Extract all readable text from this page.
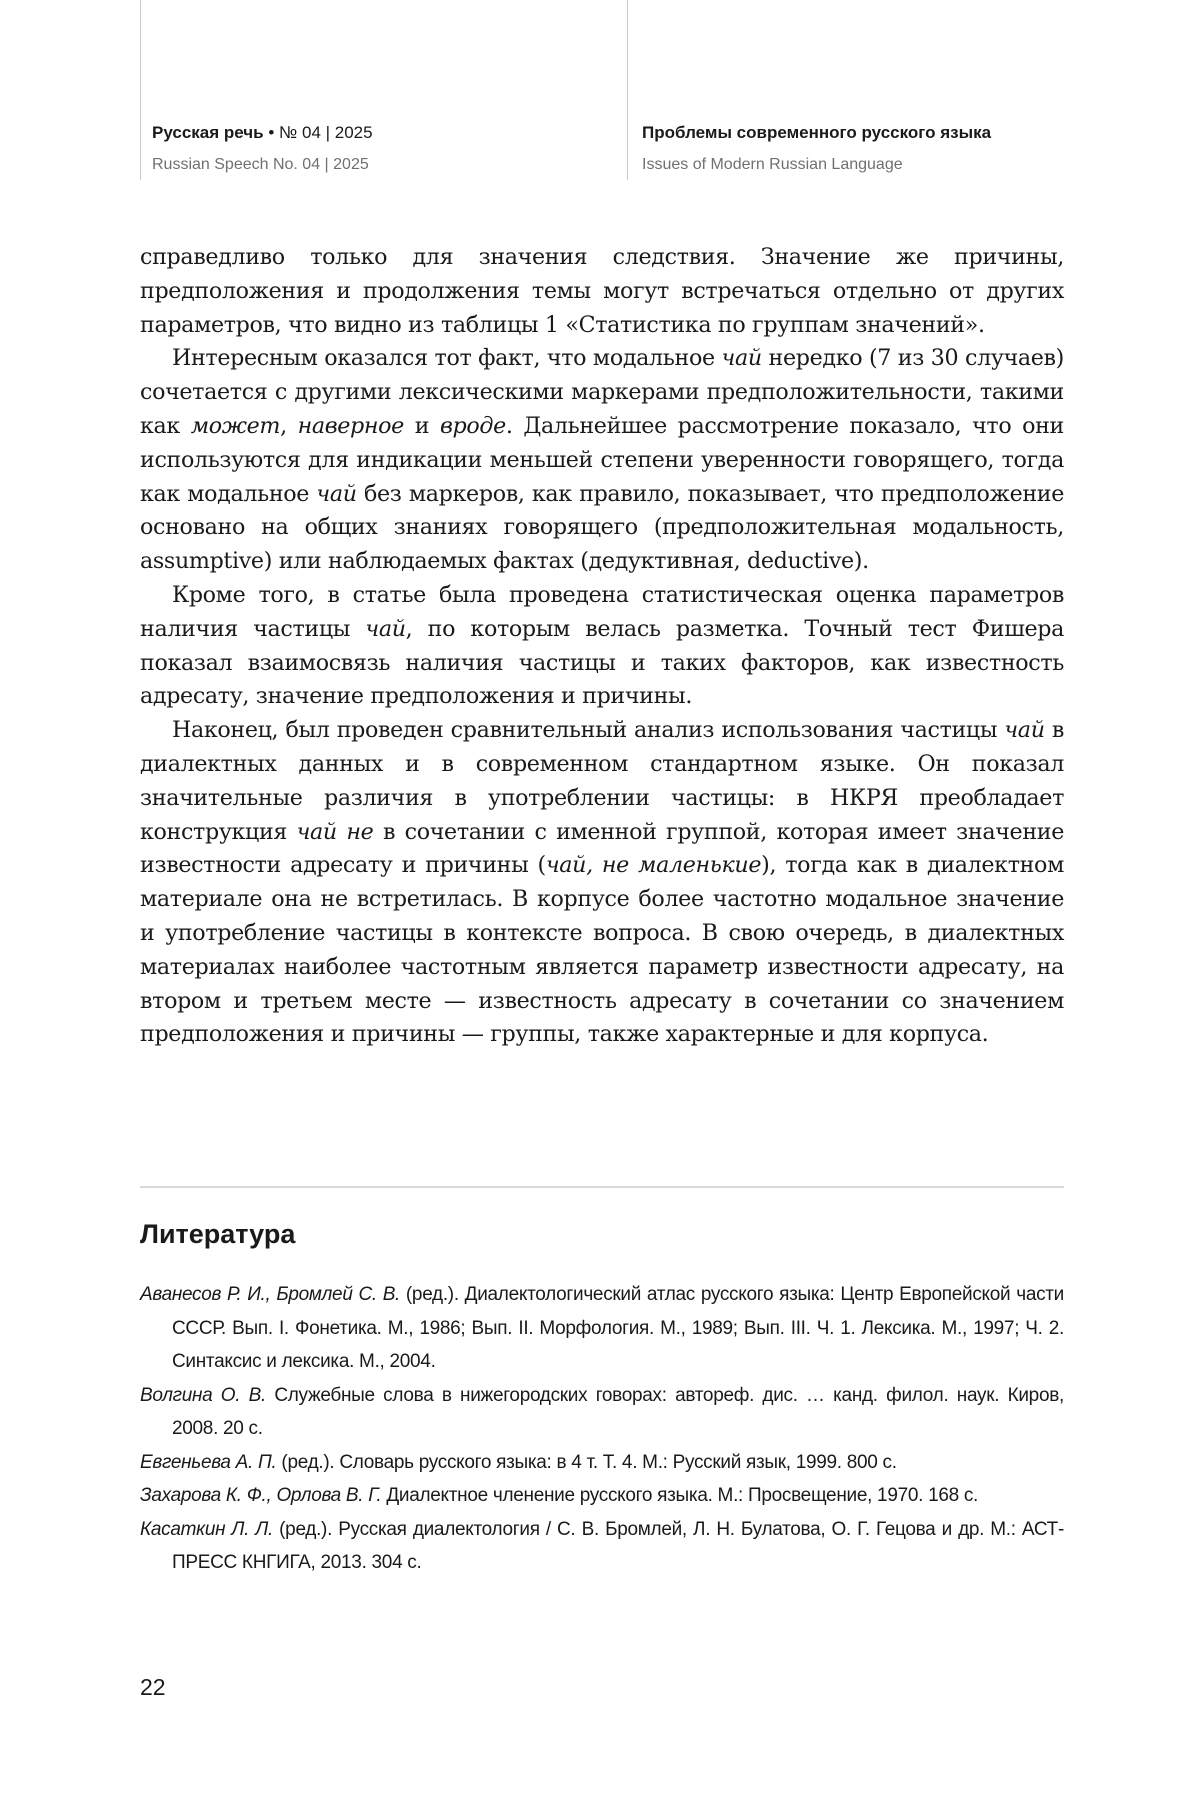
Русская речь • № 04 | 2025
Russian Speech No. 04 | 2025
Проблемы современного русского языка
Issues of Modern Russian Language

справедливо только для значения следствия. Значение же причины, предположения и продолжения темы могут встречаться отдельно от других параметров, что видно из таблицы 1 «Статистика по группам значений».

Интересным оказался тот факт, что модальное чай нередко (7 из 30 случаев) сочетается с другими лексическими маркерами предположительности, такими как может, наверное и вроде. Дальнейшее рассмотрение показало, что они используются для индикации меньшей степени уверенности говорящего, тогда как модальное чай без маркеров, как правило, показывает, что предположение основано на общих знаниях говорящего (предположительная модальность, assumptive) или наблюдаемых фактах (дедуктивная, deductive).

Кроме того, в статье была проведена статистическая оценка параметров наличия частицы чай, по которым велась разметка. Точный тест Фишера показал взаимосвязь наличия частицы и таких факторов, как известность адресату, значение предположения и причины.

Наконец, был проведен сравнительный анализ использования частицы чай в диалектных данных и в современном стандартном языке. Он показал значительные различия в употреблении частицы: в НКРЯ преобладает конструкция чай не в сочетании с именной группой, которая имеет значение известности адресату и причины (чай, не маленькие), тогда как в диалектном материале она не встретилась. В корпусе более частотно модальное значение и употребление частицы в контексте вопроса. В свою очередь, в диалектных материалах наиболее частотным является параметр известности адресату, на втором и третьем месте — известность адресату в сочетании со значением предположения и причины — группы, также характерные и для корпуса.

Литература

Аванесов Р. И., Бромлей С. В. (ред.). Диалектологический атлас русского языка: Центр Европейской части СССР. Вып. I. Фонетика. М., 1986; Вып. II. Морфология. М., 1989; Вып. III. Ч. 1. Лексика. М., 1997; Ч. 2. Синтаксис и лексика. М., 2004.

Волгина О. В. Служебные слова в нижегородских говорах: автореф. дис. … канд. филол. наук. Киров, 2008. 20 с.

Евгеньева А. П. (ред.). Словарь русского языка: в 4 т. Т. 4. М.: Русский язык, 1999. 800 с.

Захарова К. Ф., Орлова В. Г. Диалектное членение русского языка. М.: Просвещение, 1970. 168 с.

Касаткин Л. Л. (ред.). Русская диалектология / С. В. Бромлей, Л. Н. Булатова, О. Г. Гецова и др. М.: АСТ-ПРЕСС КНГИГА, 2013. 304 с.

22
